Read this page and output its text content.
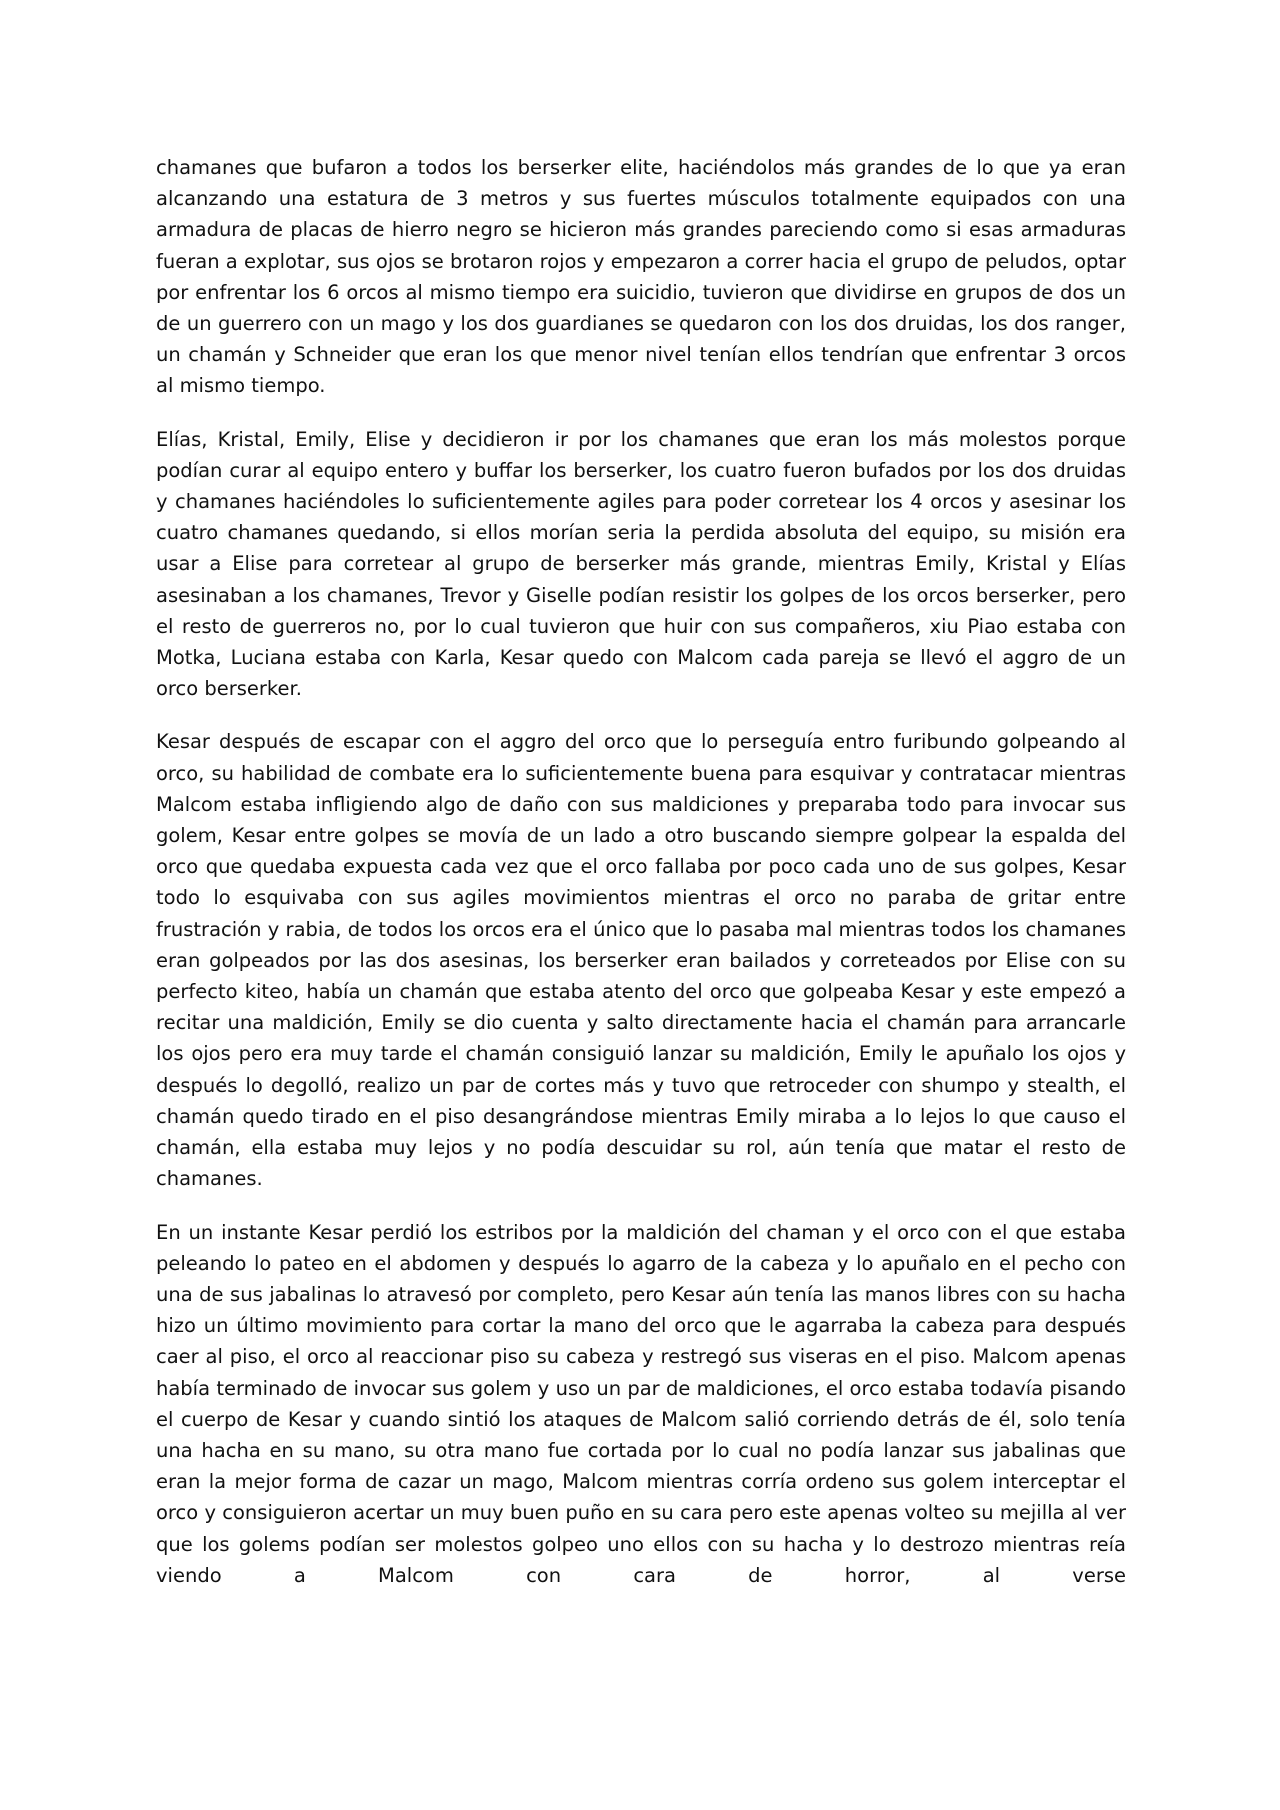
chamanes que bufaron a todos los berserker elite, haciéndolos más grandes de lo que ya eran alcanzando una estatura de 3 metros y sus fuertes músculos totalmente equipados con una armadura de placas de hierro negro se hicieron más grandes pareciendo como si esas armaduras fueran a explotar, sus ojos se brotaron rojos y empezaron a correr hacia el grupo de peludos, optar por enfrentar los 6 orcos al mismo tiempo era suicidio, tuvieron que dividirse en grupos de dos un de un guerrero con un mago y los dos guardianes se quedaron con los dos druidas, los dos ranger, un chamán y Schneider que eran los que menor nivel tenían ellos tendrían que enfrentar 3 orcos al mismo tiempo.

Elías, Kristal, Emily, Elise y decidieron ir por los chamanes que eran los más molestos porque podían curar al equipo entero y buffar los berserker, los cuatro fueron bufados por los dos druidas y chamanes haciéndoles lo suficientemente agiles para poder corretear los 4 orcos y asesinar los cuatro chamanes quedando, si ellos morían seria la perdida absoluta del equipo, su misión era usar a Elise para corretear al grupo de berserker más grande, mientras Emily, Kristal y Elías asesinaban a los chamanes, Trevor y Giselle podían resistir los golpes de los orcos berserker, pero el resto de guerreros no, por lo cual tuvieron que huir con sus compañeros, xiu Piao estaba con Motka, Luciana estaba con Karla, Kesar quedo con Malcom cada pareja se llevó el aggro de un orco berserker.

Kesar después de escapar con el aggro del orco que lo perseguía entro furibundo golpeando al orco, su habilidad de combate era lo suficientemente buena para esquivar y contratacar mientras Malcom estaba infligiendo algo de daño con sus maldiciones y preparaba todo para invocar sus golem, Kesar entre golpes se movía de un lado a otro buscando siempre golpear la espalda del orco que quedaba expuesta cada vez que el orco fallaba por poco cada uno de sus golpes, Kesar todo lo esquivaba con sus agiles movimientos mientras el orco no paraba de gritar entre frustración y rabia, de todos los orcos era el único que lo pasaba mal mientras todos los chamanes eran golpeados por las dos asesinas, los berserker eran bailados y correteados por Elise con su perfecto kiteo, había un chamán que estaba atento del orco que golpeaba Kesar y este empezó a recitar una maldición, Emily se dio cuenta y salto directamente hacia el chamán para arrancarle los ojos pero era muy tarde el chamán consiguió lanzar su maldición, Emily le apuñalo los ojos y después lo degolló, realizo un par de cortes más y tuvo que retroceder con shumpo y stealth, el chamán quedo tirado en el piso desangrándose mientras Emily miraba a lo lejos lo que causo el chamán, ella estaba muy lejos y no podía descuidar su rol, aún tenía que matar el resto de chamanes.

En un instante Kesar perdió los estribos por la maldición del chaman y el orco con el que estaba peleando lo pateo en el abdomen y después lo agarro de la cabeza y lo apuñalo en el pecho con una de sus jabalinas lo atravesó por completo, pero Kesar aún tenía las manos libres con su hacha hizo un último movimiento para cortar la mano del orco que le agarraba la cabeza para después caer al piso, el orco al reaccionar piso su cabeza y restregó sus viseras en el piso. Malcom apenas había terminado de invocar sus golem y uso un par de maldiciones, el orco estaba todavía pisando el cuerpo de Kesar y cuando sintió los ataques de Malcom salió corriendo detrás de él, solo tenía una hacha en su mano, su otra mano fue cortada por lo cual no podía lanzar sus jabalinas que eran la mejor forma de cazar un mago, Malcom mientras corría ordeno sus golem interceptar el orco y consiguieron acertar un muy buen puño en su cara pero este apenas volteo su mejilla al ver que los golems podían ser molestos golpeo uno ellos con su hacha y lo destrozo mientras reía viendo a Malcom con cara de horror, al verse
